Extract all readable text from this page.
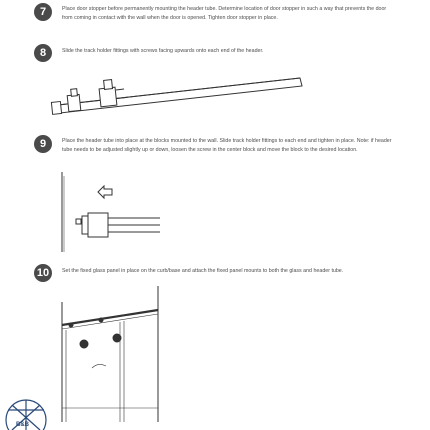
7	Place door stopper before permanently mounting the header tube. Determine location of door stopper in such a way that prevents the door from coming in contact with the wall when the door is opened. Tighten door stopper in place.

8	Slide the track holder fittings with screws facing upwards onto each end of the header.

9	Place the header tube into place at the blocks mounted to the wall. Slide track holder fittings to each end and tighten in place. Note: if header tube needs to be adjusted slightly up or down, loosen the screw in the center block and move the block to the desired location.

10	Set the fixed glass panel in place on the curb/base and attach the fixed panel mounts to both the glass and header tube.

B&B
